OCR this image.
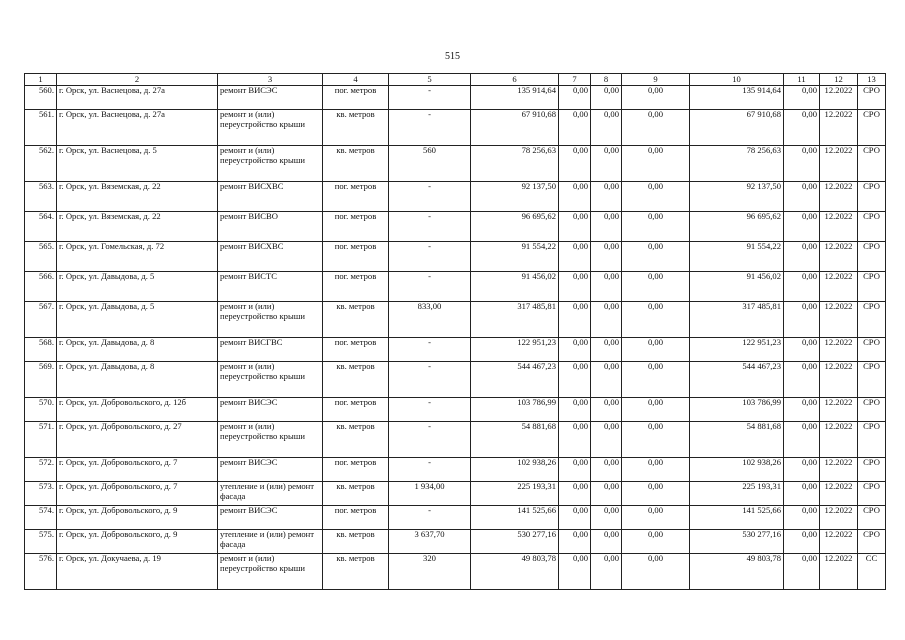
515
1	2	3	4	5	6	7	8	9	10	11	12	13
560.	г. Орск, ул. Васнецова, д. 27а	ремонт ВИСЭС	пог. метров	-	135 914,64	0,00	0,00	0,00	135 914,64	0,00	12.2022	СРО
561.	г. Орск, ул. Васнецова, д. 27а	ремонт и (или) переустройство крыши	кв. метров	-	67 910,68	0,00	0,00	0,00	67 910,68	0,00	12.2022	СРО
562.	г. Орск, ул. Васнецова, д. 5	ремонт и (или) переустройство крыши	кв. метров	560	78 256,63	0,00	0,00	0,00	78 256,63	0,00	12.2022	СРО
563.	г. Орск, ул. Вяземская, д. 22	ремонт ВИСХВС	пог. метров	-	92 137,50	0,00	0,00	0,00	92 137,50	0,00	12.2022	СРО
564.	г. Орск, ул. Вяземская, д. 22	ремонт ВИСВО	пог. метров	-	96 695,62	0,00	0,00	0,00	96 695,62	0,00	12.2022	СРО
565.	г. Орск, ул. Гомельская, д. 72	ремонт ВИСХВС	пог. метров	-	91 554,22	0,00	0,00	0,00	91 554,22	0,00	12.2022	СРО
566.	г. Орск, ул. Давыдова, д. 5	ремонт ВИСТС	пог. метров	-	91 456,02	0,00	0,00	0,00	91 456,02	0,00	12.2022	СРО
567.	г. Орск, ул. Давыдова, д. 5	ремонт и (или) переустройство крыши	кв. метров	833,00	317 485,81	0,00	0,00	0,00	317 485,81	0,00	12.2022	СРО
568.	г. Орск, ул. Давыдова, д. 8	ремонт ВИСГВС	пог. метров	-	122 951,23	0,00	0,00	0,00	122 951,23	0,00	12.2022	СРО
569.	г. Орск, ул. Давыдова, д. 8	ремонт и (или) переустройство крыши	кв. метров	-	544 467,23	0,00	0,00	0,00	544 467,23	0,00	12.2022	СРО
570.	г. Орск, ул. Добровольского, д. 12б	ремонт ВИСЭС	пог. метров	-	103 786,99	0,00	0,00	0,00	103 786,99	0,00	12.2022	СРО
571.	г. Орск, ул. Добровольского, д. 27	ремонт и (или) переустройство крыши	кв. метров	-	54 881,68	0,00	0,00	0,00	54 881,68	0,00	12.2022	СРО
572.	г. Орск, ул. Добровольского, д. 7	ремонт ВИСЭС	пог. метров	-	102 938,26	0,00	0,00	0,00	102 938,26	0,00	12.2022	СРО
573.	г. Орск, ул. Добровольского, д. 7	утепление и (или) ремонт фасада	кв. метров	1 934,00	225 193,31	0,00	0,00	0,00	225 193,31	0,00	12.2022	СРО
574.	г. Орск, ул. Добровольского, д. 9	ремонт ВИСЭС	пог. метров	-	141 525,66	0,00	0,00	0,00	141 525,66	0,00	12.2022	СРО
575.	г. Орск, ул. Добровольского, д. 9	утепление и (или) ремонт фасада	кв. метров	3 637,70	530 277,16	0,00	0,00	0,00	530 277,16	0,00	12.2022	СРО
576.	г. Орск, ул. Докучаева, д. 19	ремонт и (или) переустройство крыши	кв. метров	320	49 803,78	0,00	0,00	0,00	49 803,78	0,00	12.2022	СС
